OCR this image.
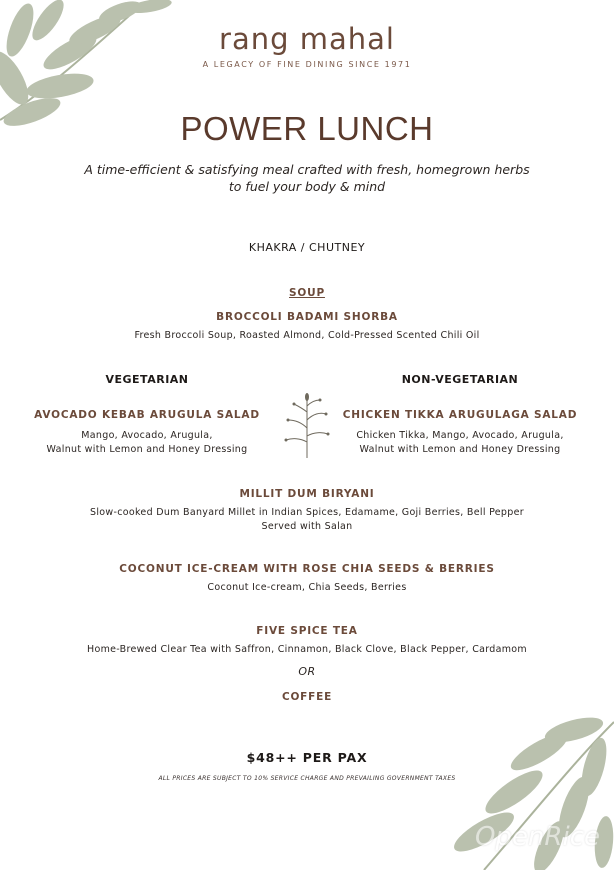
rang mahal
A LEGACY OF FINE DINING SINCE 1971
POWER LUNCH
A time-efficient & satisfying meal crafted with fresh, homegrown herbs
to fuel your body & mind
KHAKRA / CHUTNEY
SOUP
BROCCOLI BADAMI SHORBA
Fresh Broccoli Soup, Roasted Almond, Cold-Pressed Scented Chili Oil
VEGETARIAN
AVOCADO KEBAB ARUGULA SALAD
Mango, Avocado, Arugula,
Walnut with Lemon and Honey Dressing
NON-VEGETARIAN
CHICKEN TIKKA ARUGULAGA SALAD
Chicken Tikka, Mango, Avocado, Arugula,
Walnut with Lemon and Honey Dressing
MILLIT DUM BIRYANI
Slow-cooked Dum Banyard Millet in Indian Spices, Edamame, Goji Berries, Bell Pepper
Served with Salan
COCONUT ICE-CREAM WITH ROSE CHIA SEEDS & BERRIES
Coconut Ice-cream, Chia Seeds, Berries
FIVE SPICE TEA
Home-Brewed Clear Tea with Saffron, Cinnamon, Black Clove, Black Pepper, Cardamom
OR
COFFEE
$48++ PER PAX
ALL PRICES ARE SUBJECT TO 10% SERVICE CHARGE AND PREVAILING GOVERNMENT TAXES
OpenRice
